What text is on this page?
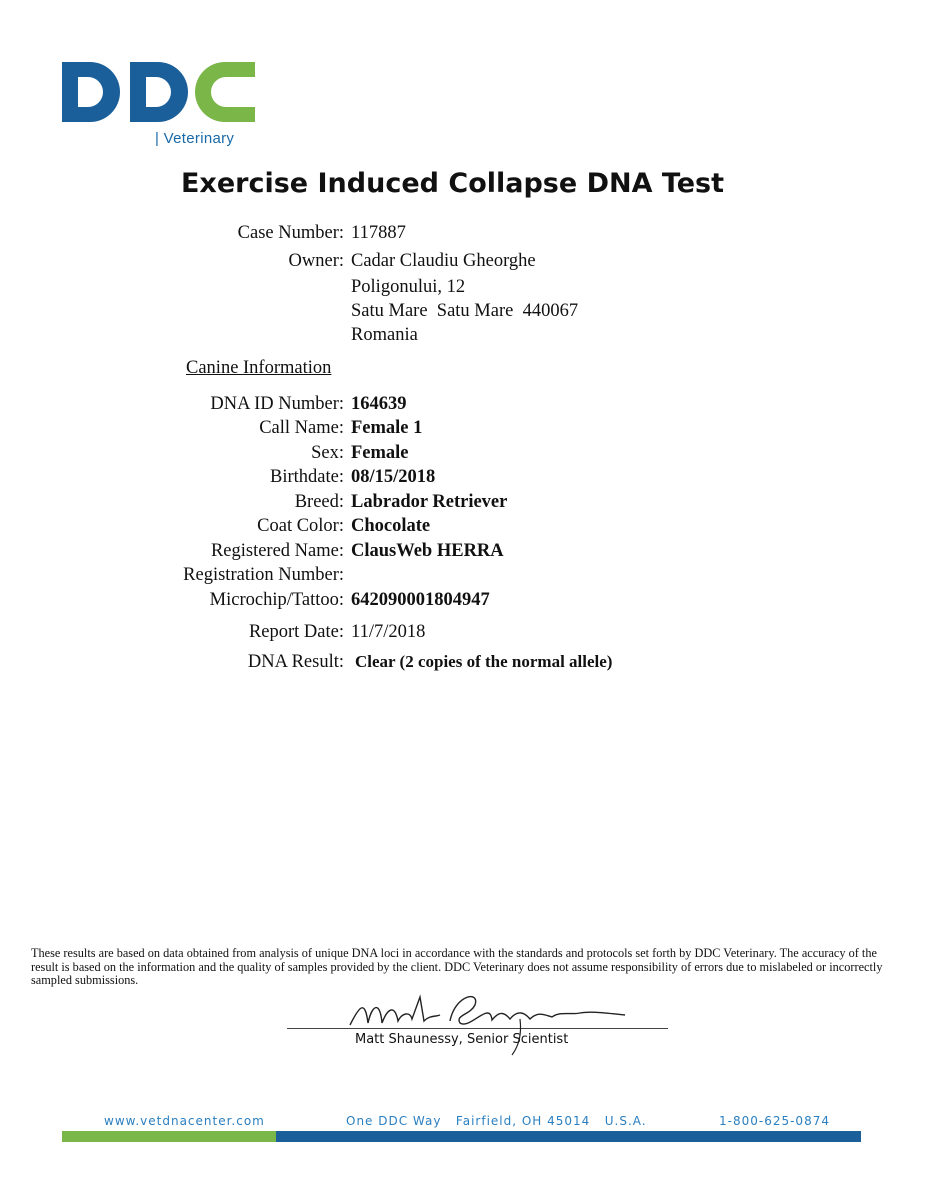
| Veterinary
Exercise Induced Collapse DNA Test
Case Number: 117887
Owner: Cadar Claudiu Gheorghe
Poligonului, 12
Satu Mare  Satu Mare  440067
Romania
Canine Information
DNA ID Number: 164639
Call Name: Female 1
Sex: Female
Birthdate: 08/15/2018
Breed: Labrador Retriever
Coat Color: Chocolate
Registered Name: ClausWeb HERRA
Registration Number:
Microchip/Tattoo: 642090001804947
Report Date: 11/7/2018
DNA Result: Clear (2 copies of the normal allele)
These results are based on data obtained from analysis of unique DNA loci in accordance with the standards and protocols set forth by DDC Veterinary. The accuracy of the result is based on the information and the quality of samples provided by the client. DDC Veterinary does not assume responsibility of errors due to mislabeled or incorrectly sampled submissions.
Matt Shaunessy, Senior Scientist
www.vetdnacenter.com	One DDC Way   Fairfield, OH 45014   U.S.A.	1-800-625-0874
